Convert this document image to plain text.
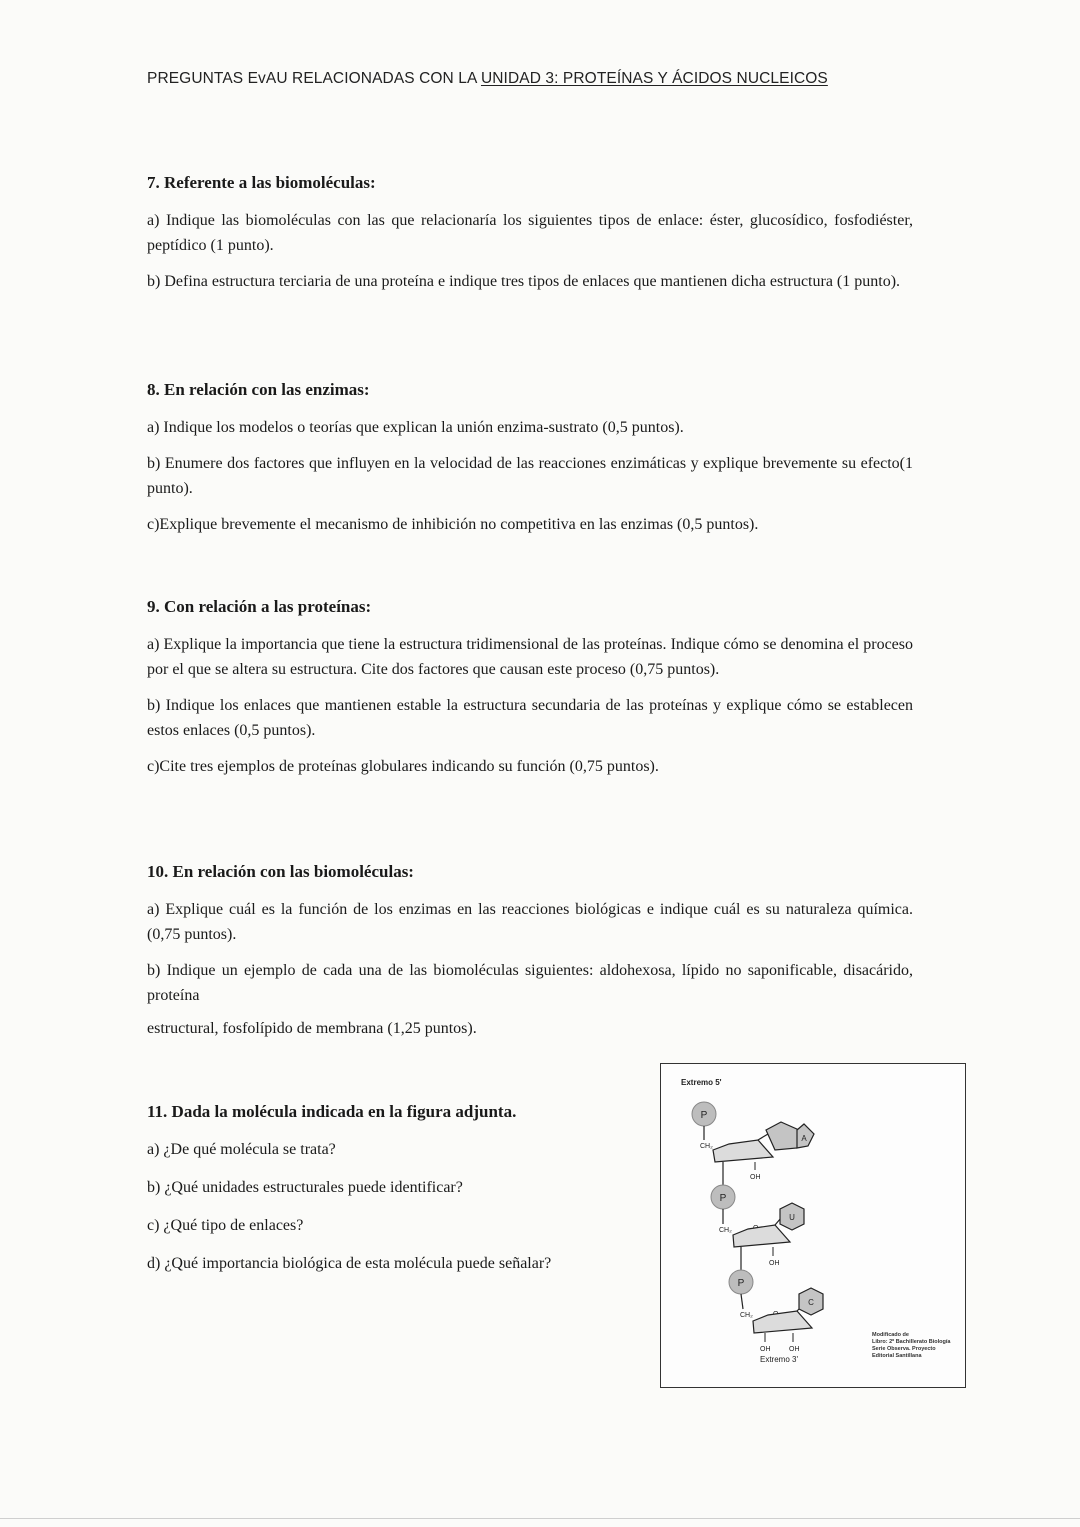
PREGUNTAS EvAU RELACIONADAS CON LA UNIDAD 3: PROTEÍNAS Y ÁCIDOS NUCLEICOS
7. Referente a las biomoléculas:

a) Indique las biomoléculas con las que relacionaría los siguientes tipos de enlace: éster, glucosídico, fosfodiéster, peptídico (1 punto).

b) Defina estructura terciaria de una proteína e indique tres tipos de enlaces que mantienen dicha estructura (1 punto).

8. En relación con las enzimas:

a) Indique los modelos o teorías que explican la unión enzima-sustrato (0,5 puntos).

b) Enumere dos factores que influyen en la velocidad de las reacciones enzimáticas y explique brevemente su efecto(1 punto).

c)Explique brevemente el mecanismo de inhibición no competitiva en las enzimas (0,5 puntos).

9. Con relación a las proteínas:

a) Explique la importancia que tiene la estructura tridimensional de las proteínas. Indique cómo se denomina el proceso por el que se altera su estructura. Cite dos factores que causan este proceso (0,75 puntos).

b) Indique los enlaces que mantienen estable la estructura secundaria de las proteínas y explique cómo se establecen estos enlaces (0,5 puntos).

c)Cite tres ejemplos de proteínas globulares indicando su función (0,75 puntos).

10. En relación con las biomoléculas:

a) Explique cuál es la función de los enzimas en las reacciones biológicas e indique cuál es su naturaleza química. (0,75 puntos).

b) Indique un ejemplo de cada una de las biomoléculas siguientes: aldohexosa, lípido no saponificable, disacárido, proteína

estructural, fosfolípido de membrana (1,25 puntos).

11. Dada la molécula indicada en la figura adjunta.

a) ¿De qué molécula se trata?

b) ¿Qué unidades estructurales puede identificar?

c) ¿Qué tipo de enlaces?

d) ¿Qué importancia biológica de esta molécula puede señalar?

Extremo 5'
P
CH₂
A
OH
P
CH₂
U
OH
P
CH₂
C
OH	OH
Extremo 3'
Modificado de
Libro: 2º Bachillerato Biología
Serie Observa. Proyecto
Editorial Santillana
